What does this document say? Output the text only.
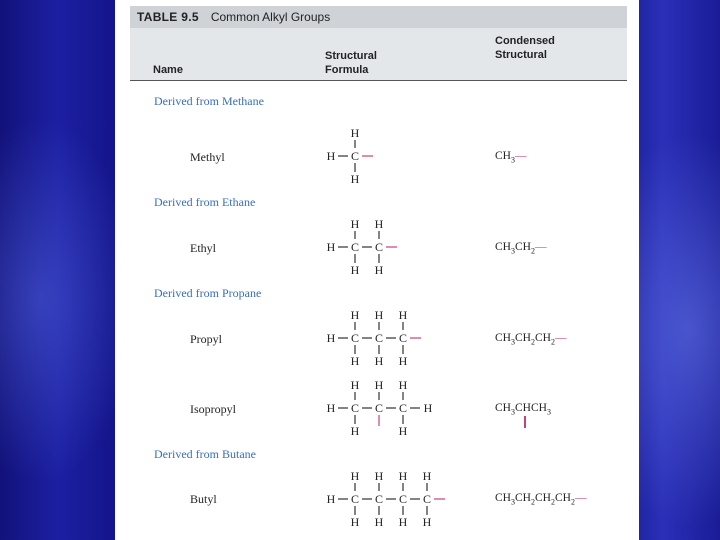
TABLE 9.5 Common Alkyl Groups
Name
Structural
Formula
Condensed
Structural
Derived from Methane
Derived from Ethane
Derived from Propane
Derived from Butane
Methyl
Ethyl
Propyl
Isopropyl
Butyl
$CH_3—$
$CH_3CH_2—$
$CH_3CH_2CH_2—$
$CH_3CHCH_3$
$CH_3CH_2CH_2CH_2—$
H C
H
H
H C
H
H
C
H
H
H C
H
H
C
H
H
C
H
H
H C
H
H
C
H
C
H
H
H
H C
H
H
C
H
H
C
H
H
C
H
H
